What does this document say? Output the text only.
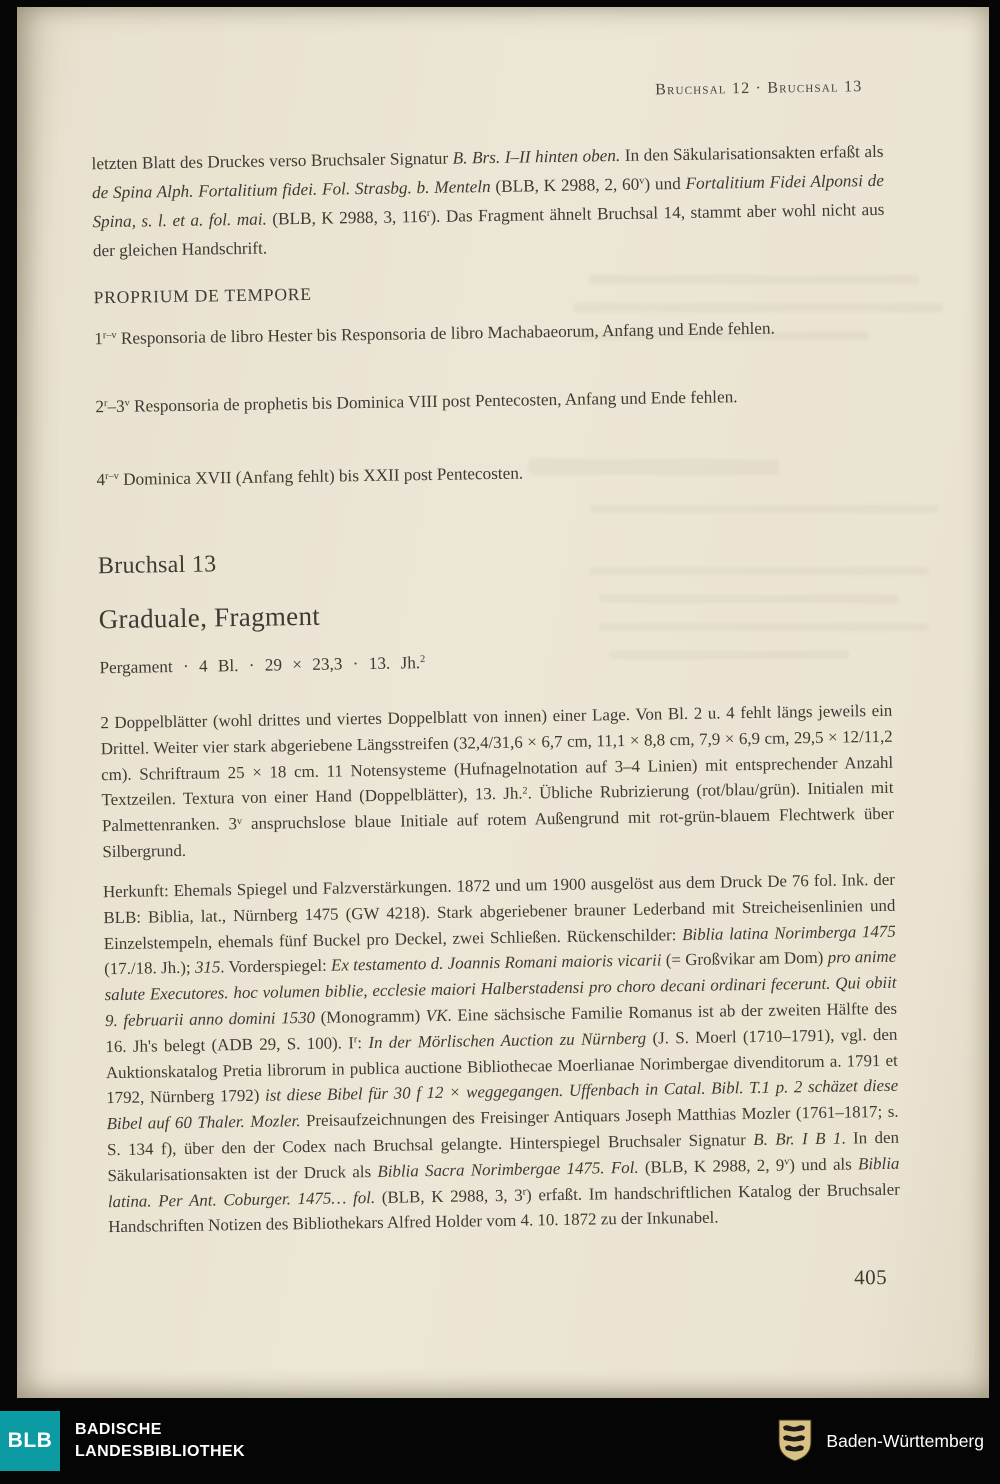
Bruchsal 12 · Bruchsal 13

letzten Blatt des Druckes verso Bruchsaler Signatur B. Brs. I–II hinten oben. In den Säkularisationsakten erfaßt als de Spina Alph. Fortalitium fidei. Fol. Strasbg. b. Menteln (BLB, K 2988, 2, 60$^v$) und Fortalitium Fidei Alponsi de Spina, s. l. et a. fol. mai. (BLB, K 2988, 3, 116$^r$). Das Fragment ähnelt Bruchsal 14, stammt aber wohl nicht aus der gleichen Handschrift.

PROPRIUM DE TEMPORE

1$^{r-v}$ Responsoria de libro Hester bis Responsoria de libro Machabaeorum, Anfang und Ende fehlen.

2$^r$–3$^v$ Responsoria de prophetis bis Dominica VIII post Pentecosten, Anfang und Ende fehlen.

4$^{r-v}$ Dominica XVII (Anfang fehlt) bis XXII post Pentecosten.

Bruchsal 13
Graduale, Fragment

Pergament · 4 Bl. · 29 × 23,3 · 13. Jh.$^2$

2 Doppelblätter (wohl drittes und viertes Doppelblatt von innen) einer Lage. Von Bl. 2 u. 4 fehlt längs jeweils ein Drittel. Weiter vier stark abgeriebene Längsstreifen (32,4/31,6 × 6,7 cm, 11,1 × 8,8 cm, 7,9 × 6,9 cm, 29,5 × 12/11,2 cm). Schriftraum 25 × 18 cm. 11 Notensysteme (Hufnagelnotation auf 3–4 Linien) mit entsprechender Anzahl Textzeilen. Textura von einer Hand (Doppelblätter), 13. Jh.$^2$. Übliche Rubrizierung (rot/blau/grün). Initialen mit Palmettenranken. 3$^v$ anspruchslose blaue Initiale auf rotem Außengrund mit rot-grün-blauem Flechtwerk über Silbergrund.

Herkunft: Ehemals Spiegel und Falzverstärkungen. 1872 und um 1900 ausgelöst aus dem Druck De 76 fol. Ink. der BLB: Biblia, lat., Nürnberg 1475 (GW 4218). Stark abgeriebener brauner Lederband mit Streicheisenlinien und Einzelstempeln, ehemals fünf Buckel pro Deckel, zwei Schließen. Rückenschilder: Biblia latina Norimberga 1475 (17./18. Jh.); 315. Vorderspiegel: Ex testamento d. Joannis Romani maioris vicarii (= Großvikar am Dom) pro anime salute Executores. hoc volumen biblie, ecclesie maiori Halberstadensi pro choro decani ordinari fecerunt. Qui obiit 9. februarii anno domini 1530 (Monogramm) VK. Eine sächsische Familie Romanus ist ab der zweiten Hälfte des 16. Jh's belegt (ADB 29, S. 100). $I^r$: In der Mörlischen Auction zu Nürnberg (J. S. Moerl (1710–1791), vgl. den Auktionskatalog Pretia librorum in publica auctione Bibliothecae Moerlianae Norimbergae divenditorum a. 1791 et 1792, Nürnberg 1792) ist diese Bibel für 30 f 12 × weggegangen. Uffenbach in Catal. Bibl. T.1 p. 2 schäzet diese Bibel auf 60 Thaler. Mozler. Preisaufzeichnungen des Freisinger Antiquars Joseph Matthias Mozler (1761–1817; s. S. 134 f), über den der Codex nach Bruchsal gelangte. Hinterspiegel Bruchsaler Signatur B. Br. I B 1. In den Säkularisationsakten ist der Druck als Biblia Sacra Norimbergae 1475. Fol. (BLB, K 2988, 2, 9$^v$) und als Biblia latina. Per Ant. Coburger. 1475… fol. (BLB, K 2988, 3, 3$^r$) erfaßt. Im handschriftlichen Katalog der Bruchsaler Handschriften Notizen des Bibliothekars Alfred Holder vom 4. 10. 1872 zu der Inkunabel.

405
BLB BADISCHE
LANDESBIBLIOTHEK
Baden-Württemberg
